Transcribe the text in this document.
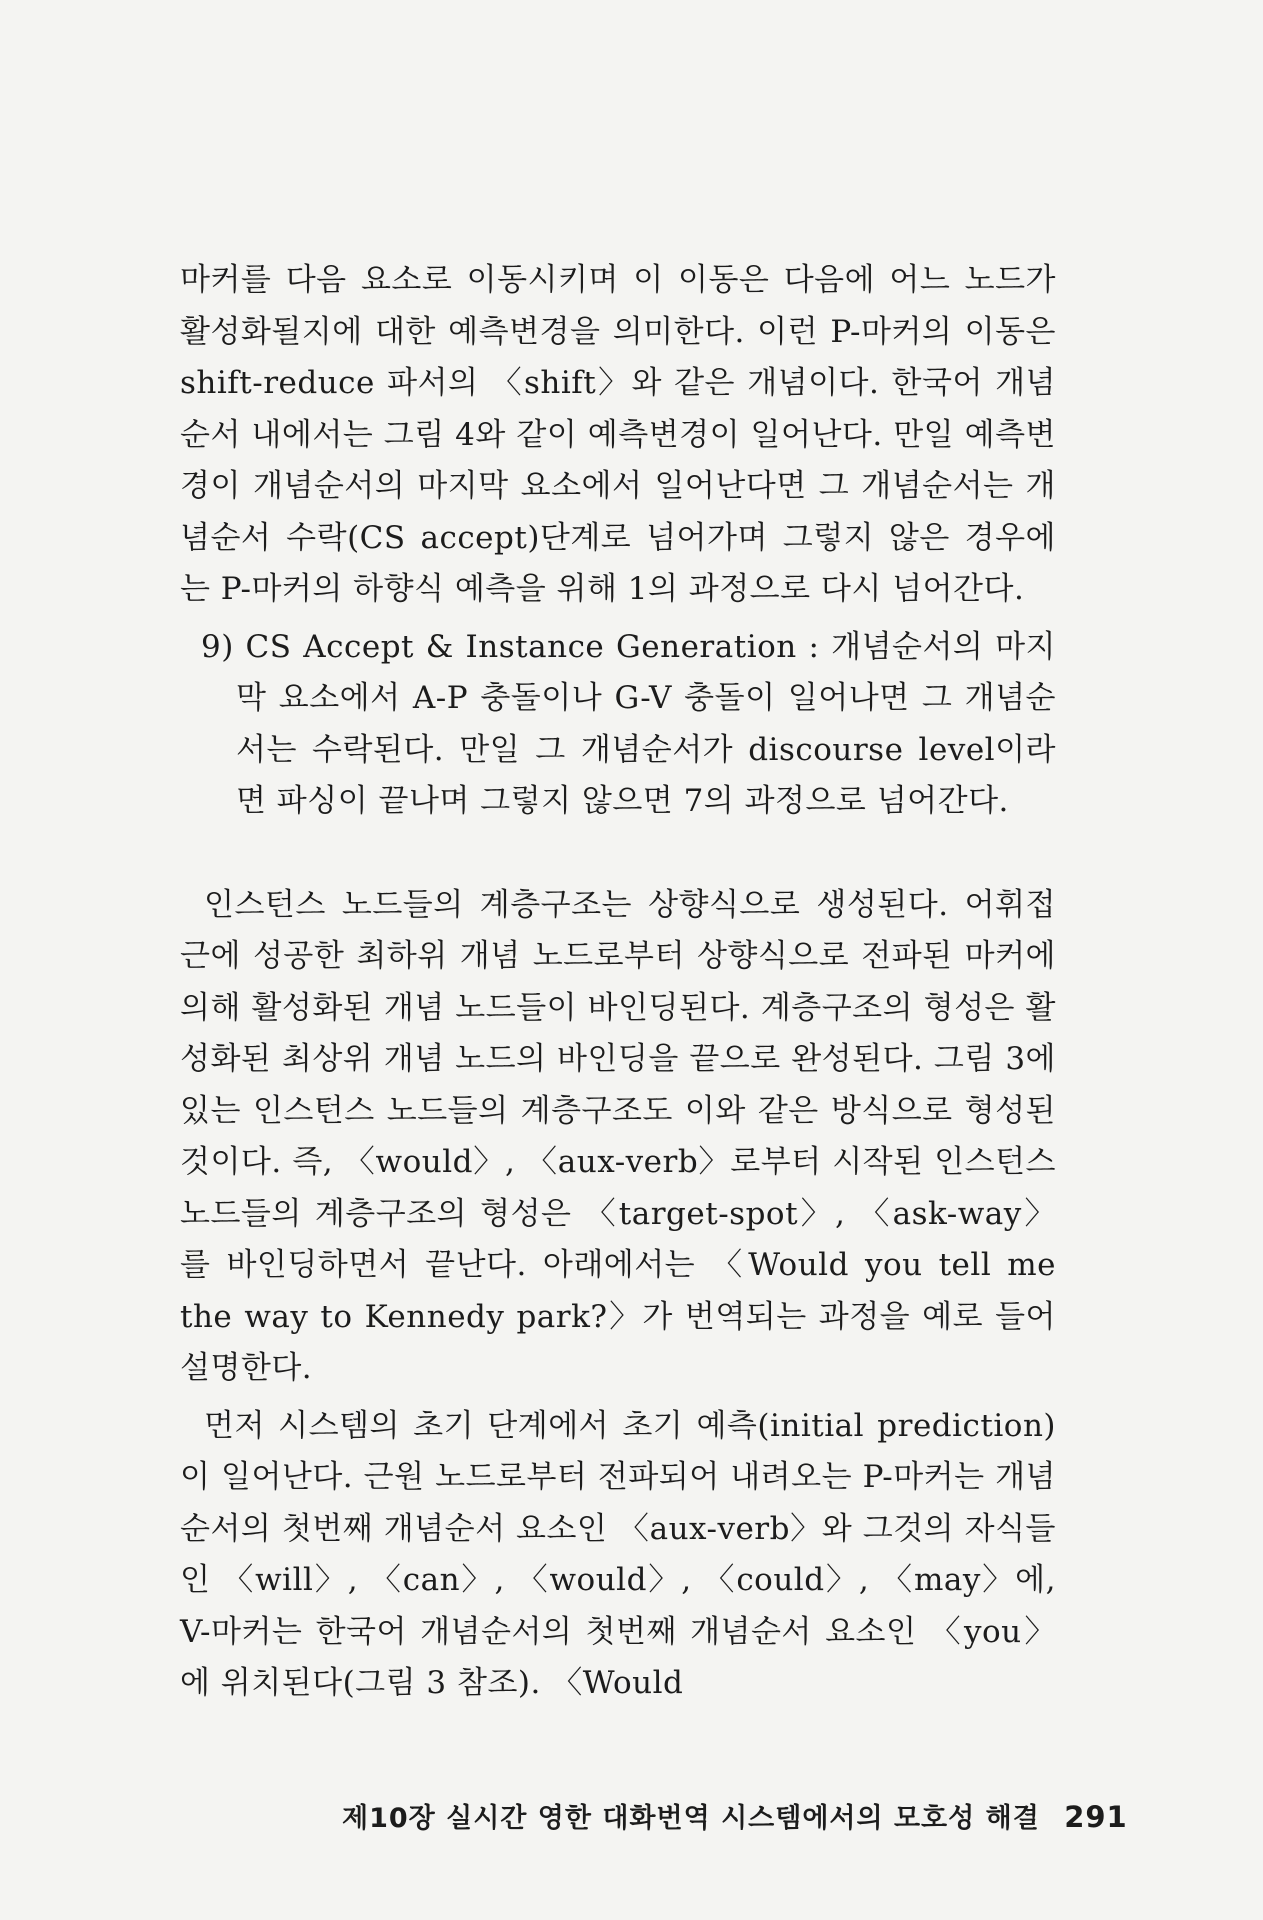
마커를 다음 요소로 이동시키며 이 이동은 다음에 어느 노드가 활성화될지에 대한 예측변경을 의미한다. 이런 P-마커의 이동은 shift-reduce 파서의 〈shift〉와 같은 개념이다. 한국어 개념순서 내에서는 그림 4와 같이 예측변경이 일어난다. 만일 예측변경이 개념순서의 마지막 요소에서 일어난다면 그 개념순서는 개념순서 수락(CS accept)단계로 넘어가며 그렇지 않은 경우에는 P-마커의 하향식 예측을 위해 1의 과정으로 다시 넘어간다.

9) CS Accept & Instance Generation : 개념순서의 마지막 요소에서 A-P 충돌이나 G-V 충돌이 일어나면 그 개념순서는 수락된다. 만일 그 개념순서가 discourse level이라면 파싱이 끝나며 그렇지 않으면 7의 과정으로 넘어간다.

인스턴스 노드들의 계층구조는 상향식으로 생성된다. 어휘접근에 성공한 최하위 개념 노드로부터 상향식으로 전파된 마커에 의해 활성화된 개념 노드들이 바인딩된다. 계층구조의 형성은 활성화된 최상위 개념 노드의 바인딩을 끝으로 완성된다. 그림 3에 있는 인스턴스 노드들의 계층구조도 이와 같은 방식으로 형성된 것이다. 즉, 〈would〉, 〈aux-verb〉로부터 시작된 인스턴스 노드들의 계층구조의 형성은 〈target-spot〉, 〈ask-way〉를 바인딩하면서 끝난다. 아래에서는 〈Would you tell me the way to Kennedy park?〉가 번역되는 과정을 예로 들어 설명한다.

먼저 시스템의 초기 단계에서 초기 예측(initial prediction)이 일어난다. 근원 노드로부터 전파되어 내려오는 P-마커는 개념순서의 첫번째 개념순서 요소인 〈aux-verb〉와 그것의 자식들인 〈will〉, 〈can〉, 〈would〉, 〈could〉, 〈may〉에, V-마커는 한국어 개념순서의 첫번째 개념순서 요소인 〈you〉에 위치된다(그림 3 참조). 〈Would

제10장 실시간 영한 대화번역 시스템에서의 모호성 해결 291
